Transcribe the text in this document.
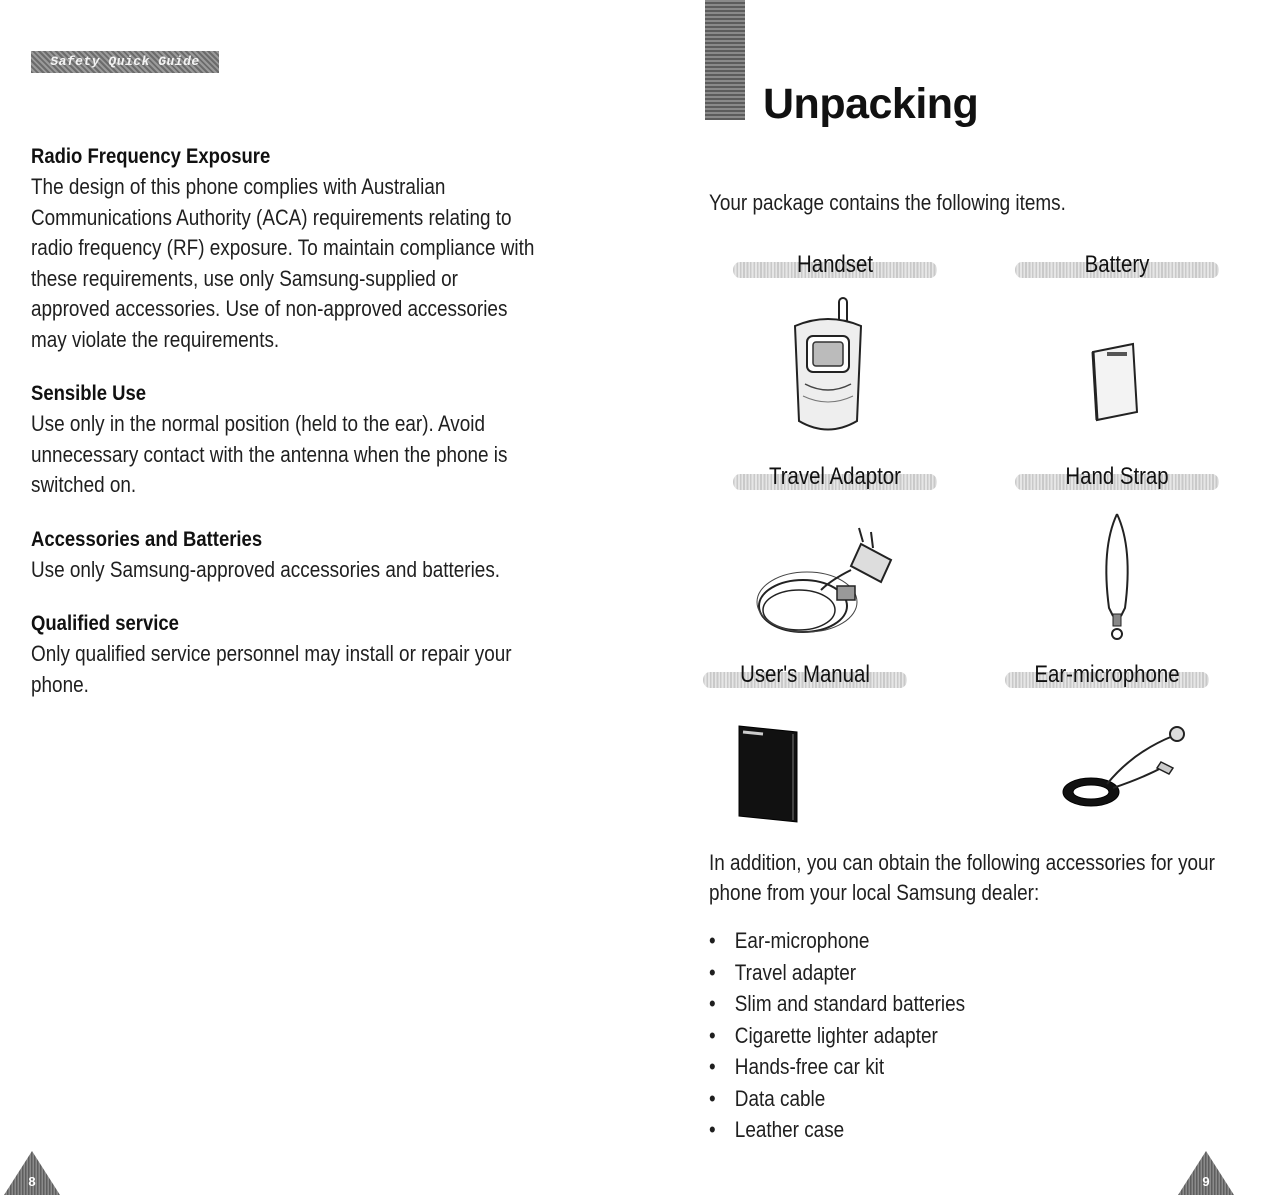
Safety Quick Guide
Radio Frequency Exposure

The design of this phone complies with Australian Communications Authority (ACA) requirements relating to radio frequency (RF) exposure. To maintain compliance with these requirements, use only Samsung-supplied or approved accessories. Use of non-approved accessories may violate the requirements.

Sensible Use

Use only in the normal position (held to the ear). Avoid unnecessary contact with the antenna when the phone is switched on.

Accessories and Batteries

Use only Samsung-approved accessories and batteries.

Qualified service

Only qualified service personnel may install or repair your phone.

8
Unpacking

Your package contains the following items.

Handset	Battery
Travel Adaptor	Hand Strap
User's Manual	Ear-microphone

In addition, you can obtain the following accessories for your phone from your local Samsung dealer:

• Ear-microphone
• Travel adapter
• Slim and standard batteries
• Cigarette lighter adapter
• Hands-free car kit
• Data cable
• Leather case
9
